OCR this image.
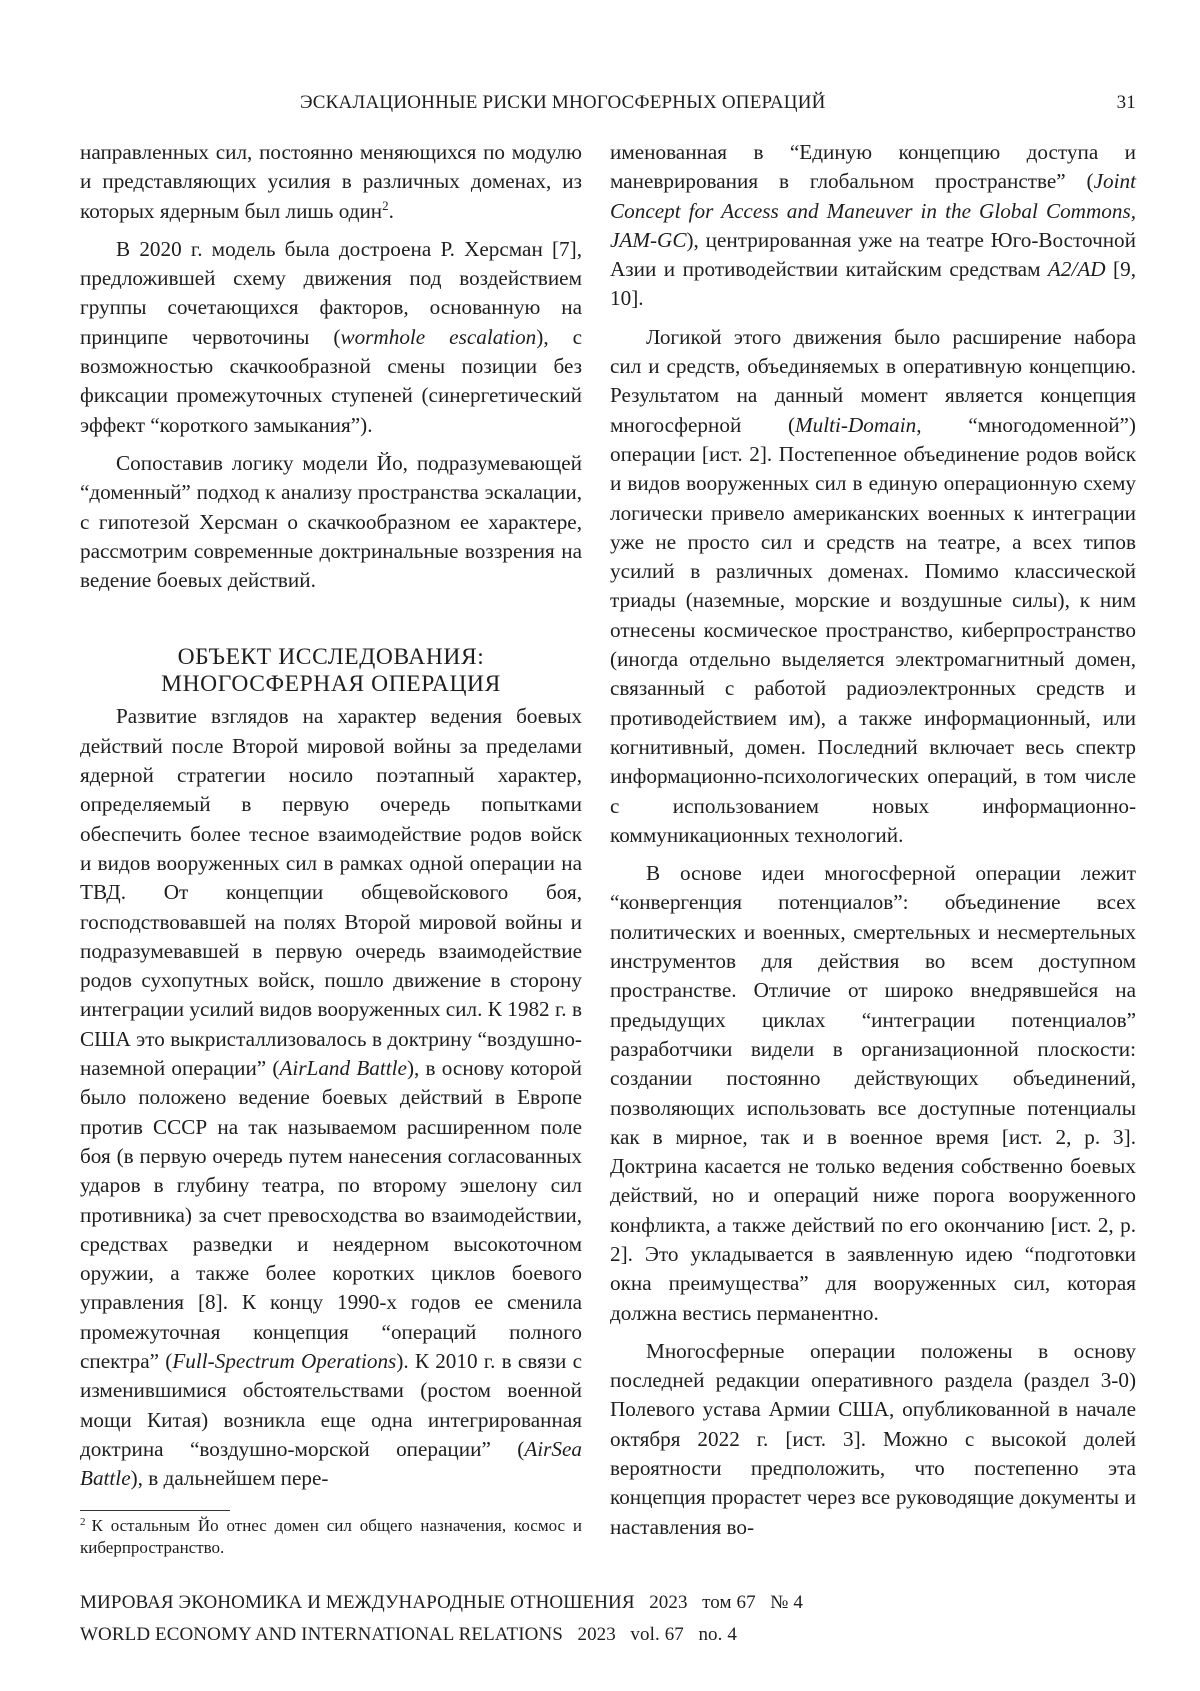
ЭСКАЛАЦИОННЫЕ РИСКИ МНОГОСФЕРНЫХ ОПЕРАЦИЙ	31

направленных сил, постоянно меняющихся по модулю и представляющих усилия в различных доменах, из которых ядерным был лишь один2.

В 2020 г. модель была достроена Р. Херсман [7], предложившей схему движения под воздействием группы сочетающихся факторов, основанную на принципе червоточины (wormhole escalation), с возможностью скачкообразной смены позиции без фиксации промежуточных ступеней (синергетический эффект “короткого замыкания”).

Сопоставив логику модели Йо, подразумевающей “доменный” подход к анализу пространства эскалации, с гипотезой Херсман о скачкообразном ее характере, рассмотрим современные доктринальные воззрения на ведение боевых действий.

ОБЪЕКТ ИССЛЕДОВАНИЯ:
МНОГОСФЕРНАЯ ОПЕРАЦИЯ

Развитие взглядов на характер ведения боевых действий после Второй мировой войны за пределами ядерной стратегии носило поэтапный характер, определяемый в первую очередь попытками обеспечить более тесное взаимодействие родов войск и видов вооруженных сил в рамках одной операции на ТВД. От концепции общевойскового боя, господствовавшей на полях Второй мировой войны и подразумевавшей в первую очередь взаимодействие родов сухопутных войск, пошло движение в сторону интеграции усилий видов вооруженных сил. К 1982 г. в США это выкристаллизовалось в доктрину “воздушно-наземной операции” (AirLand Battle), в основу которой было положено ведение боевых действий в Европе против СССР на так называемом расширенном поле боя (в первую очередь путем нанесения согласованных ударов в глубину театра, по второму эшелону сил противника) за счет превосходства во взаимодействии, средствах разведки и неядерном высокоточном оружии, а также более коротких циклов боевого управления [8]. К концу 1990-х годов ее сменила промежуточная концепция “операций полного спектра” (Full-Spectrum Operations). К 2010 г. в связи с изменившимися обстоятельствами (ростом военной мощи Китая) возникла еще одна интегрированная доктрина “воздушно-морской операции” (AirSea Battle), в дальнейшем пере-

2 К остальным Йо отнес домен сил общего назначения, космос и киберпространство.

именованная в “Единую концепцию доступа и маневрирования в глобальном пространстве” (Joint Concept for Access and Maneuver in the Global Commons, JAM-GC), центрированная уже на театре Юго-Восточной Азии и противодействии китайским средствам A2/AD [9, 10].

Логикой этого движения было расширение набора сил и средств, объединяемых в оперативную концепцию. Результатом на данный момент является концепция многосферной (Multi-Domain, “многодоменной”) операции [ист. 2]. Постепенное объединение родов войск и видов вооруженных сил в единую операционную схему логически привело американских военных к интеграции уже не просто сил и средств на театре, а всех типов усилий в различных доменах. Помимо классической триады (наземные, морские и воздушные силы), к ним отнесены космическое пространство, киберпространство (иногда отдельно выделяется электромагнитный домен, связанный с работой радиоэлектронных средств и противодействием им), а также информационный, или когнитивный, домен. Последний включает весь спектр информационно-психологических операций, в том числе с использованием новых информационно-коммуникационных технологий.

В основе идеи многосферной операции лежит “конвергенция потенциалов”: объединение всех политических и военных, смертельных и несмертельных инструментов для действия во всем доступном пространстве. Отличие от широко внедрявшейся на предыдущих циклах “интеграции потенциалов” разработчики видели в организационной плоскости: создании постоянно действующих объединений, позволяющих использовать все доступные потенциалы как в мирное, так и в военное время [ист. 2, p. 3]. Доктрина касается не только ведения собственно боевых действий, но и операций ниже порога вооруженного конфликта, а также действий по его окончанию [ист. 2, p. 2]. Это укладывается в заявленную идею “подготовки окна преимущества” для вооруженных сил, которая должна вестись перманентно.

Многосферные операции положены в основу последней редакции оперативного раздела (раздел 3-0) Полевого устава Армии США, опубликованной в начале октября 2022 г. [ист. 3]. Можно с высокой долей вероятности предположить, что постепенно эта концепция прорастет через все руководящие документы и наставления во-

МИРОВАЯ ЭКОНОМИКА И МЕЖДУНАРОДНЫЕ ОТНОШЕНИЯ   2023   том 67   № 4
WORLD ECONOMY AND INTERNATIONAL RELATIONS   2023   vol. 67   no. 4
